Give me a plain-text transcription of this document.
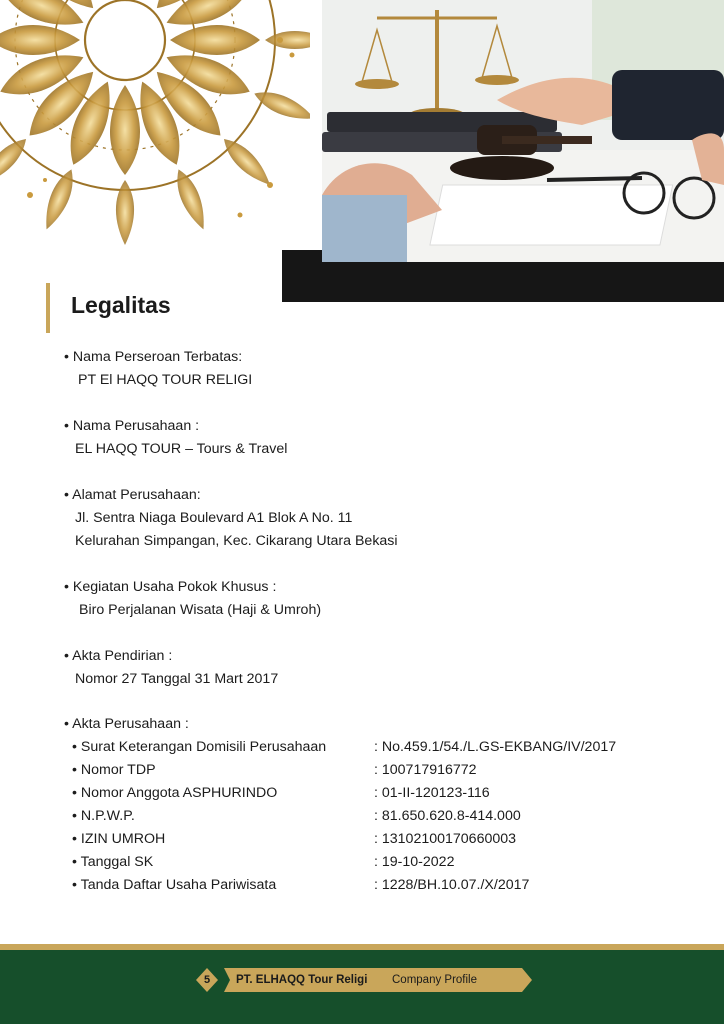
Legalitas
• Nama Perseroan Terbatas:
PT El HAQQ TOUR RELIGI
• Nama Perusahaan :
EL HAQQ TOUR – Tours & Travel
• Alamat Perusahaan:
Jl. Sentra Niaga Boulevard A1 Blok A No. 11
Kelurahan Simpangan, Kec. Cikarang Utara Bekasi
• Kegiatan Usaha Pokok Khusus :
Biro Perjalanan Wisata (Haji & Umroh)
• Akta Pendirian :
Nomor 27 Tanggal 31 Mart 2017
• Akta Perusahaan :
• Surat Keterangan Domisili Perusahaan	: No.459.1/54./L.GS-EKBANG/IV/2017
• Nomor TDP	: 100717916772
• Nomor Anggota ASPHURINDO	: 01-II-120123-116
• N.P.W.P.	: 81.650.620.8-414.000
• IZIN UMROH	: 13102100170660003
• Tanggal SK	: 19-10-2022
• Tanda Daftar Usaha Pariwisata	: 1228/BH.10.07./X/2017
5	PT. ELHAQQ Tour Religi Company Profile
